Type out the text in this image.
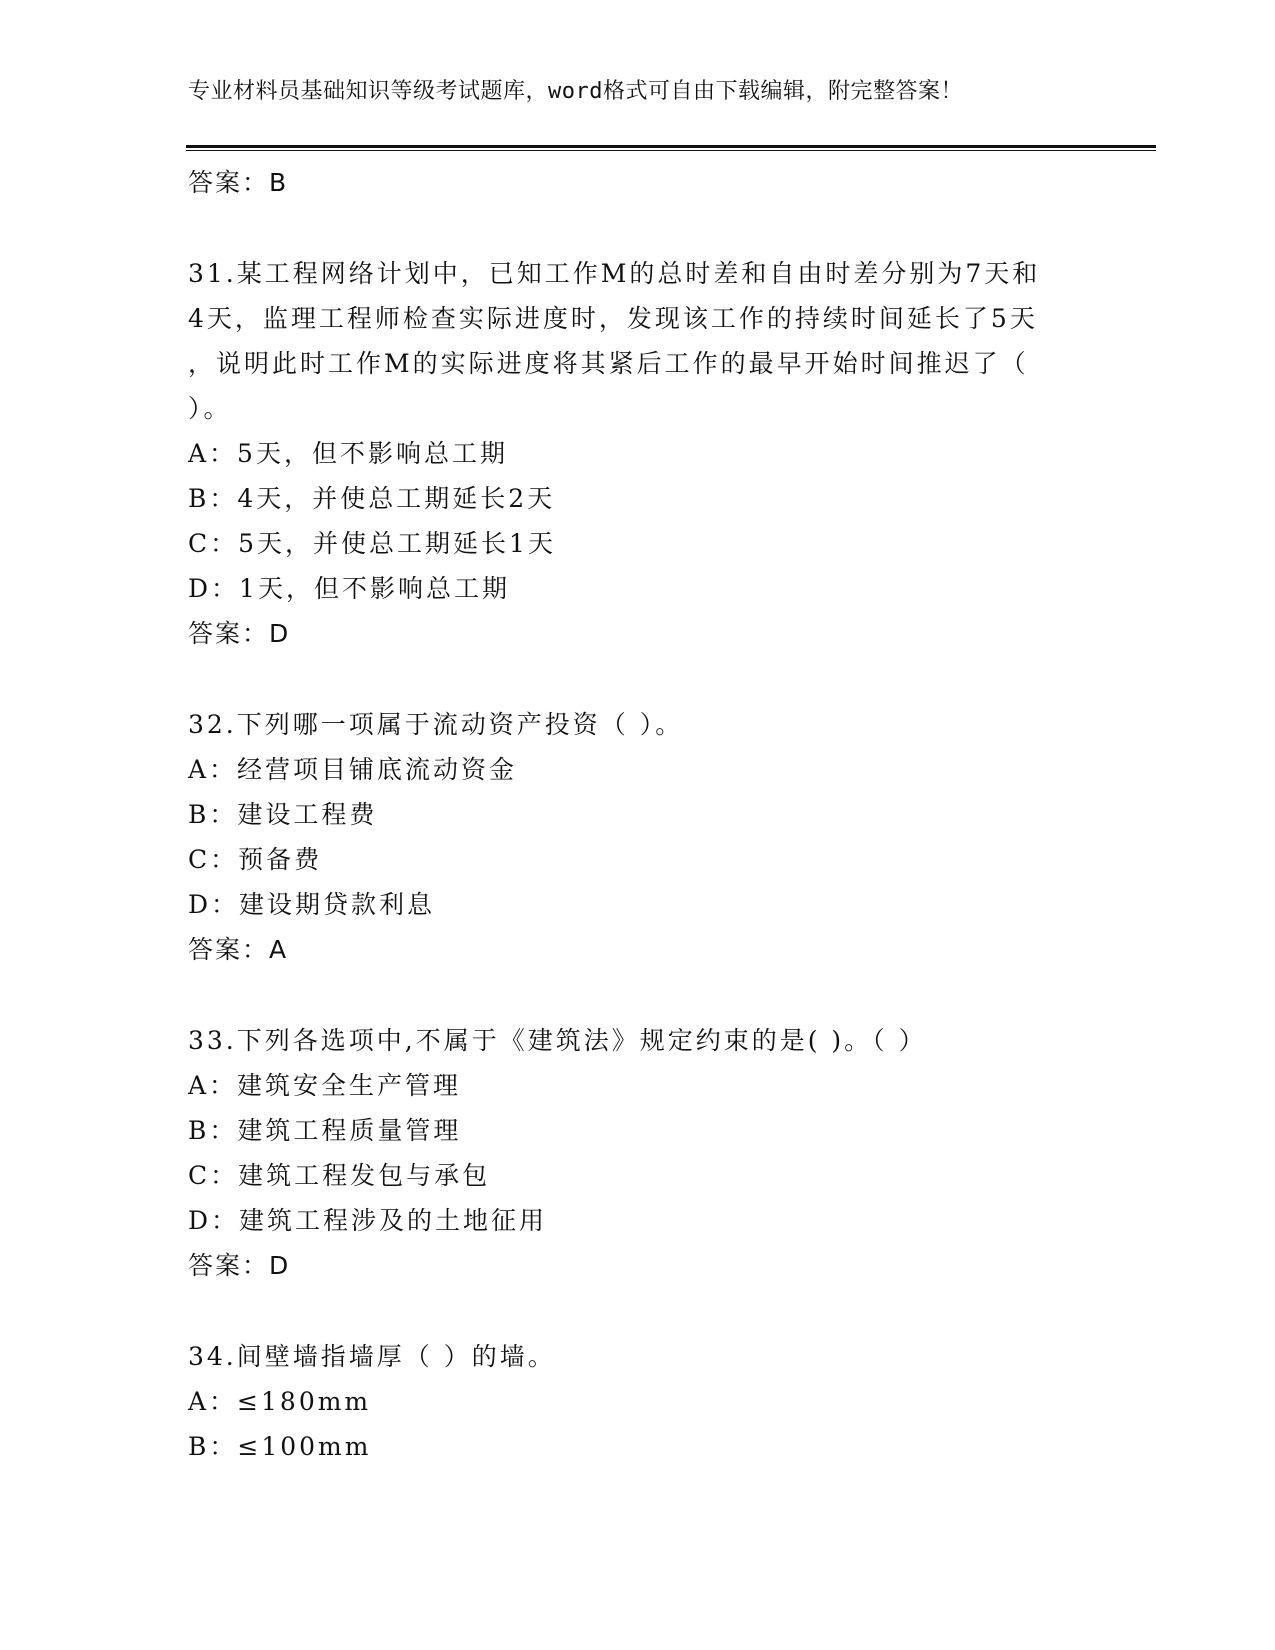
专业材料员基础知识等级考试题库，word格式可自由下载编辑，附完整答案！
答案：B
31.某工程网络计划中，已知工作M的总时差和自由时差分别为7天和
4天，监理工程师检查实际进度时，发现该工作的持续时间延长了5天
，说明此时工作M的实际进度将其紧后工作的最早开始时间推迟了（
）。
A：5天，但不影响总工期
B：4天，并使总工期延长2天
C：5天，并使总工期延长1天
D：1天，但不影响总工期
答案：D
32.下列哪一项属于流动资产投资（ ）。
A：经营项目铺底流动资金
B：建设工程费
C：预备费
D：建设期贷款利息
答案：A
33.下列各选项中,不属于《建筑法》规定约束的是( )。（ ）
A：建筑安全生产管理
B：建筑工程质量管理
C：建筑工程发包与承包
D：建筑工程涉及的土地征用
答案：D
34.间壁墙指墙厚（ ）的墙。
A：≤180mm
B：≤100mm
